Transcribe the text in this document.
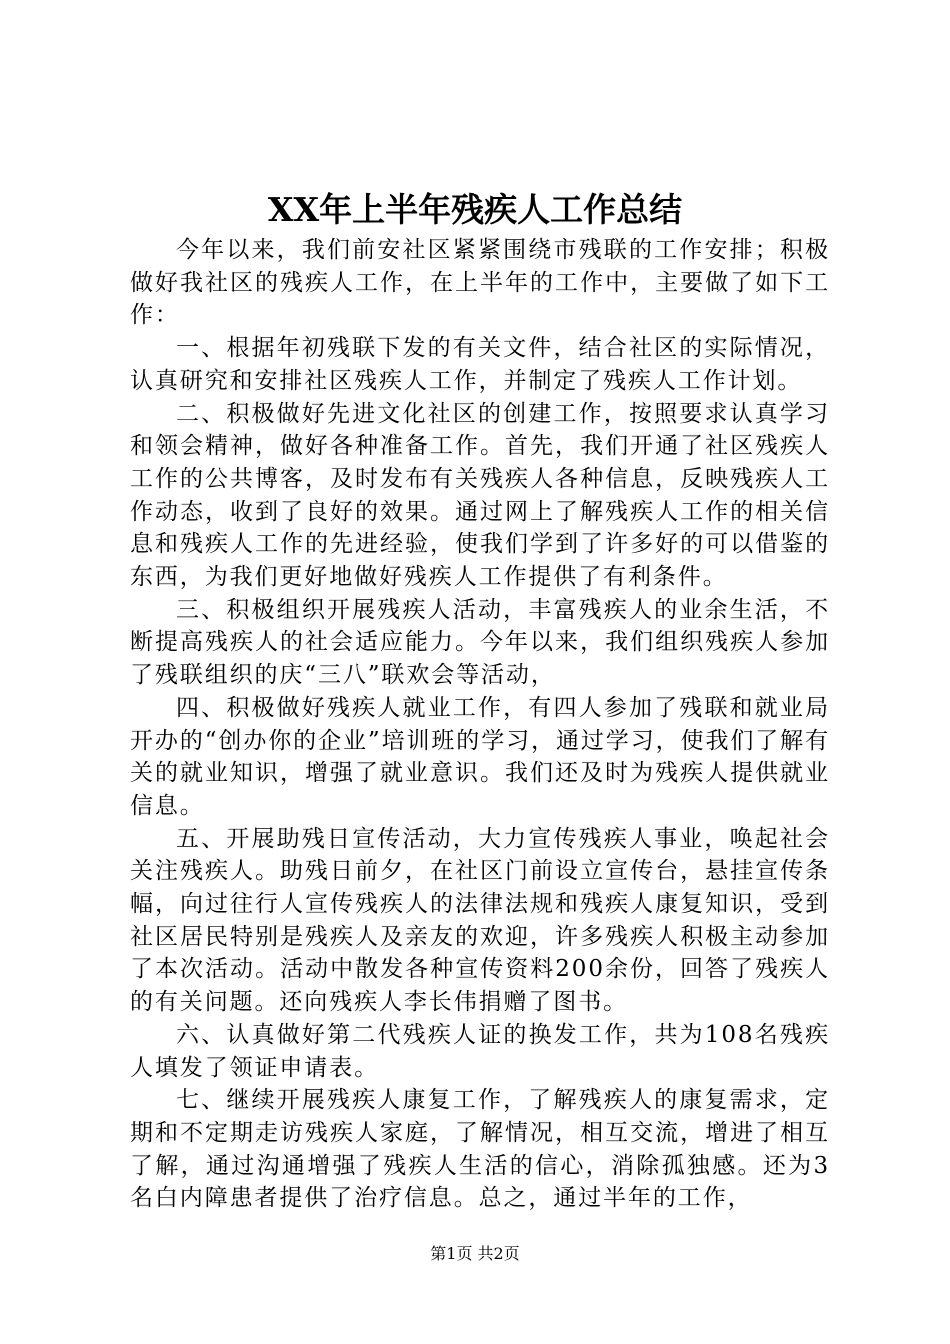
XX年上半年残疾人工作总结

今年以来，我们前安社区紧紧围绕市残联的工作安排；积极做好我社区的残疾人工作，在上半年的工作中，主要做了如下工作：

一、根据年初残联下发的有关文件，结合社区的实际情况，认真研究和安排社区残疾人工作，并制定了残疾人工作计划。

二、积极做好先进文化社区的创建工作，按照要求认真学习和领会精神，做好各种准备工作。首先，我们开通了社区残疾人工作的公共博客，及时发布有关残疾人各种信息，反映残疾人工作动态，收到了良好的效果。通过网上了解残疾人工作的相关信息和残疾人工作的先进经验，使我们学到了许多好的可以借鉴的东西，为我们更好地做好残疾人工作提供了有利条件。

三、积极组织开展残疾人活动，丰富残疾人的业余生活，不断提高残疾人的社会适应能力。今年以来，我们组织残疾人参加了残联组织的庆“三八”联欢会等活动，

四、积极做好残疾人就业工作，有四人参加了残联和就业局开办的“创办你的企业”培训班的学习，通过学习，使我们了解有关的就业知识，增强了就业意识。我们还及时为残疾人提供就业信息。

五、开展助残日宣传活动，大力宣传残疾人事业，唤起社会关注残疾人。助残日前夕，在社区门前设立宣传台，悬挂宣传条幅，向过往行人宣传残疾人的法律法规和残疾人康复知识，受到社区居民特别是残疾人及亲友的欢迎，许多残疾人积极主动参加了本次活动。活动中散发各种宣传资料200余份，回答了残疾人的有关问题。还向残疾人李长伟捐赠了图书。

六、认真做好第二代残疾人证的换发工作，共为108名残疾人填发了领证申请表。

七、继续开展残疾人康复工作，了解残疾人的康复需求，定期和不定期走访残疾人家庭，了解情况，相互交流，增进了相互了解，通过沟通增强了残疾人生活的信心，消除孤独感。还为3名白内障患者提供了治疗信息。总之，通过半年的工作，

第1页 共2页
